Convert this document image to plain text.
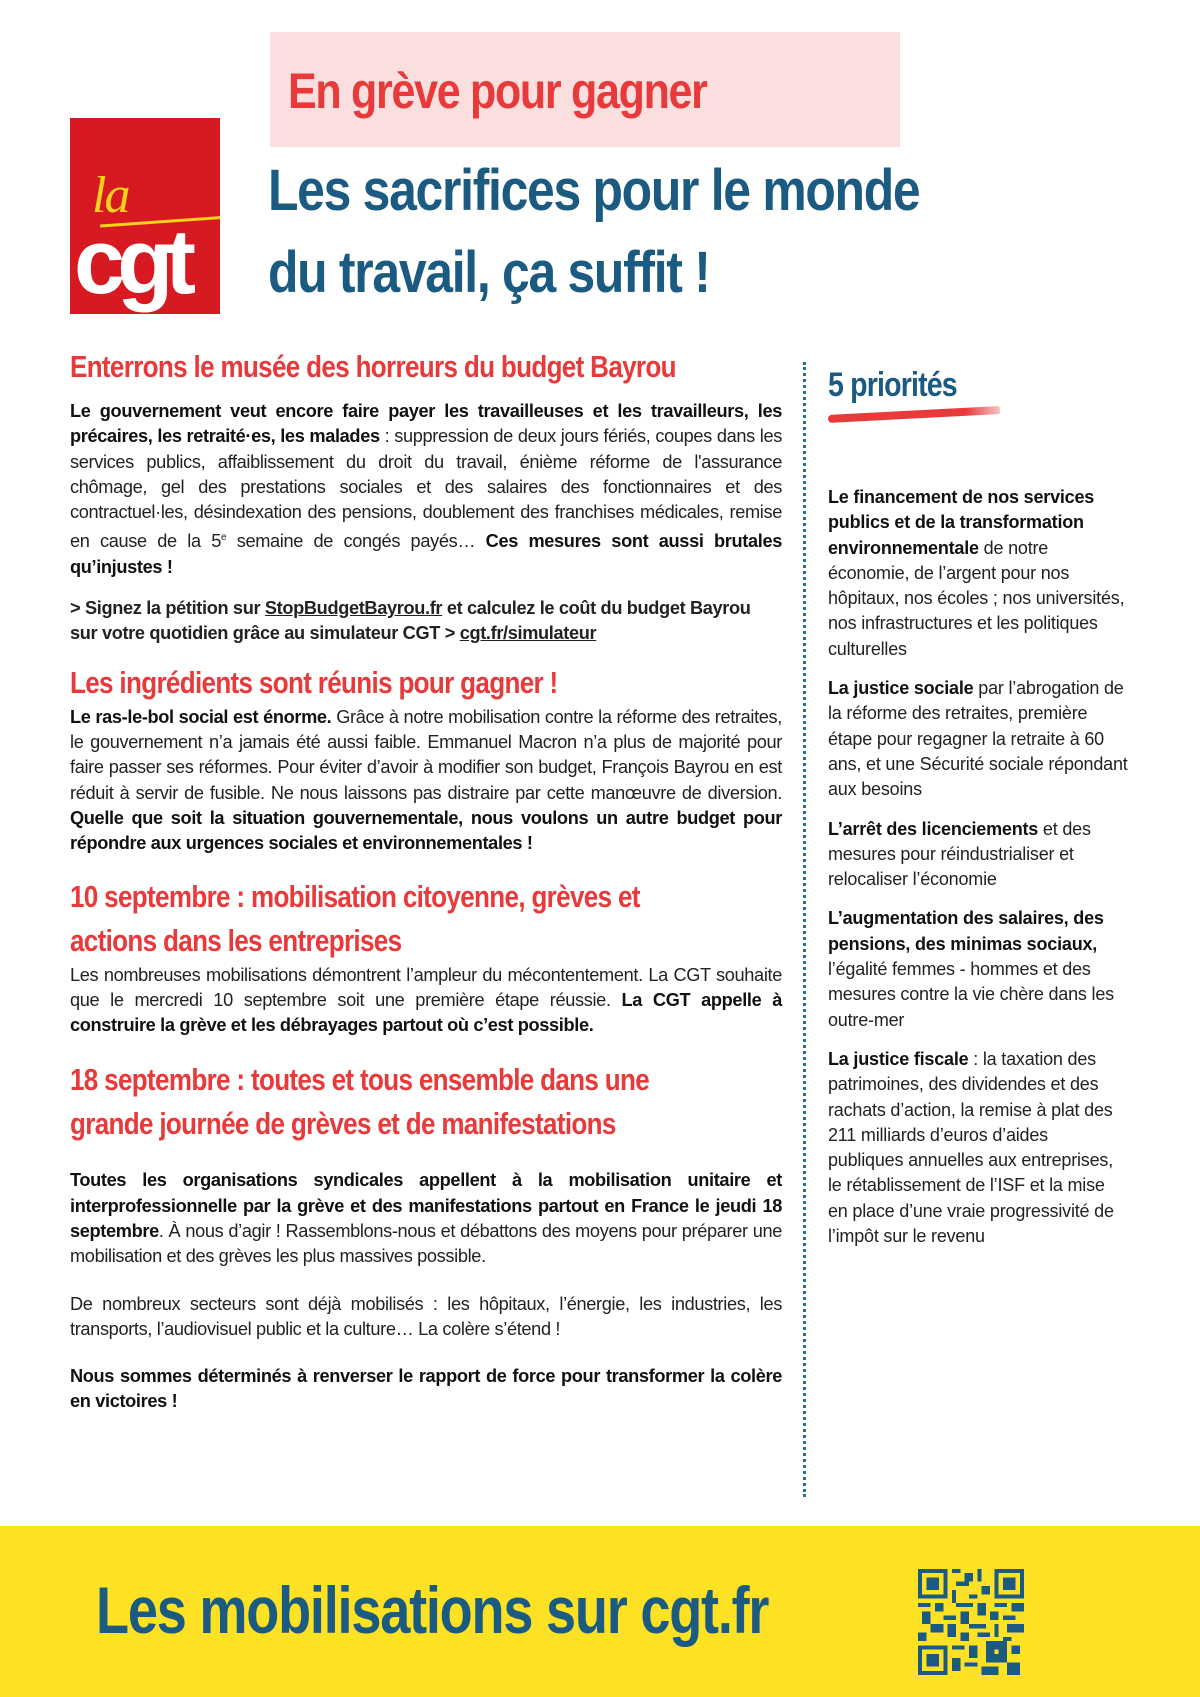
En grève pour gagner
la
cgt
Les sacrifices pour le monde
du travail, ça suffit !
Enterrons le musée des horreurs du budget Bayrou

Le gouvernement veut encore faire payer les travailleuses et les travailleurs, les précaires, les retraité·es, les malades : suppression de deux jours fériés, coupes dans les services publics, affaiblissement du droit du travail, énième réforme de l'assurance chômage, gel des prestations sociales et des salaires des fonctionnaires et des contractuel·les, désindexation des pensions, doublement des franchises médicales, remise en cause de la 5e semaine de congés payés… Ces mesures sont aussi brutales qu’injustes !

> Signez la pétition sur StopBudgetBayrou.fr et calculez le coût du budget Bayrou sur votre quotidien grâce au simulateur CGT > cgt.fr/simulateur

Les ingrédients sont réunis pour gagner !

Le ras-le-bol social est énorme. Grâce à notre mobilisation contre la réforme des retraites, le gouvernement n’a jamais été aussi faible. Emmanuel Macron n’a plus de majorité pour faire passer ses réformes. Pour éviter d’avoir à modifier son budget, François Bayrou en est réduit à servir de fusible. Ne nous laissons pas distraire par cette manœuvre de diversion. Quelle que soit la situation gouvernementale, nous voulons un autre budget pour répondre aux urgences sociales et environnementales !

10 septembre : mobilisation citoyenne, grèves et
actions dans les entreprises

Les nombreuses mobilisations démontrent l’ampleur du mécontentement. La CGT souhaite que le mercredi 10 septembre soit une première étape réussie. La CGT appelle à construire la grève et les débrayages partout où c’est possible.

18 septembre : toutes et tous ensemble dans une
grande journée de grèves et de manifestations

Toutes les organisations syndicales appellent à la mobilisation unitaire et interprofessionnelle par la grève et des manifestations partout en France le jeudi 18 septembre. À nous d’agir ! Rassemblons-nous et débattons des moyens pour préparer une mobilisation et des grèves les plus massives possible.

De nombreux secteurs sont déjà mobilisés : les hôpitaux, l’énergie, les industries, les transports, l’audiovisuel public et la culture… La colère s’étend !

Nous sommes déterminés à renverser le rapport de force pour transformer la colère en victoires !

5 priorités

Le financement de nos services publics et de la transformation environnementale de notre économie, de l’argent pour nos hôpitaux, nos écoles ; nos universités, nos infrastructures et les politiques culturelles

La justice sociale par l’abrogation de la réforme des retraites, première étape pour regagner la retraite à 60 ans, et une Sécurité sociale répondant aux besoins

L’arrêt des licenciements et des mesures pour réindustrialiser et relocaliser l’économie

L’augmentation des salaires, des pensions, des minimas sociaux, l’égalité femmes - hommes et des mesures contre la vie chère dans les outre-mer

La justice fiscale : la taxation des patrimoines, des dividendes et des rachats d’action, la remise à plat des 211 milliards d’euros d’aides publiques annuelles aux entreprises, le rétablissement de l’ISF et la mise en place d’une vraie progressivité de l’impôt sur le revenu

Les mobilisations sur cgt.fr
